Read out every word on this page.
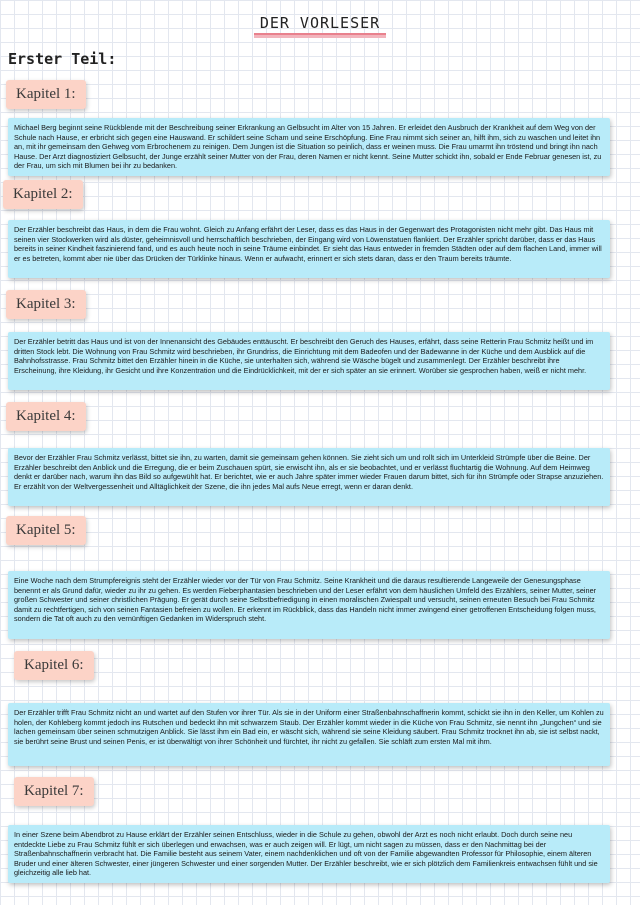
DER VORLESER
Erster Teil:
Kapitel 1:
Michael Berg beginnt seine Rückblende mit der Beschreibung seiner Erkrankung an Gelbsucht im Alter von 15 Jahren. Er erleidet den Ausbruch der Krankheit auf dem Weg von der Schule nach Hause, er erbricht sich gegen eine Hauswand. Er schildert seine Scham und seine Erschöpfung. Eine Frau nimmt sich seiner an, hilft ihm, sich zu waschen und leitet ihn an, mit ihr gemeinsam den Gehweg vom Erbrochenem zu reinigen. Dem Jungen ist die Situation so peinlich, dass er weinen muss. Die Frau umarmt ihn tröstend und bringt ihn nach Hause. Der Arzt diagnostiziert Gelbsucht, der Junge erzählt seiner Mutter von der Frau, deren Namen er nicht kennt. Seine Mutter schickt ihn, sobald er Ende Februar genesen ist, zu der Frau, um sich mit Blumen bei ihr zu bedanken.
Kapitel 2:
Der Erzähler beschreibt das Haus, in dem die Frau wohnt. Gleich zu Anfang erfährt der Leser, dass es das Haus in der Gegenwart des Protagonisten nicht mehr gibt. Das Haus mit seinen vier Stockwerken wird als düster, geheimnisvoll und herrschaftlich beschrieben, der Eingang wird von Löwenstatuen flankiert. Der Erzähler spricht darüber, dass er das Haus bereits in seiner Kindheit faszinierend fand, und es auch heute noch in seine Träume einbindet. Er sieht das Haus entweder in fremden Städten oder auf dem flachen Land, immer will er es betreten, kommt aber nie über das Drücken der Türklinke hinaus. Wenn er aufwacht, erinnert er sich stets daran, dass er den Traum bereits träumte.
Kapitel 3:
Der Erzähler betritt das Haus und ist von der Innenansicht des Gebäudes enttäuscht. Er beschreibt den Geruch des Hauses, erfährt, dass seine Retterin Frau Schmitz heißt und im dritten Stock lebt. Die Wohnung von Frau Schmitz wird beschrieben, ihr Grundriss, die Einrichtung mit dem Badeofen und der Badewanne in der Küche und dem Ausblick auf die Bahnhofsstrasse. Frau Schmitz bittet den Erzähler hinein in die Küche, sie unterhalten sich, während sie Wäsche bügelt und zusammenlegt. Der Erzähler beschreibt ihre Erscheinung, ihre Kleidung, ihr Gesicht und ihre Konzentration und die Eindrücklichkeit, mit der er sich später an sie erinnert. Worüber sie gesprochen haben, weiß er nicht mehr.
Kapitel 4:
Bevor der Erzähler Frau Schmitz verlässt, bittet sie ihn, zu warten, damit sie gemeinsam gehen können. Sie zieht sich um und rollt sich im Unterkleid Strümpfe über die Beine. Der Erzähler beschreibt den Anblick und die Erregung, die er beim Zuschauen spürt, sie erwischt ihn, als er sie beobachtet, und er verlässt fluchtartig die Wohnung. Auf dem Heimweg denkt er darüber nach, warum ihn das Bild so aufgewühlt hat. Er berichtet, wie er auch Jahre später immer wieder Frauen darum bittet, sich für ihn Strümpfe oder Strapse anzuziehen. Er erzählt von der Weltvergessenheit und Alltäglichkeit der Szene, die ihn jedes Mal aufs Neue erregt, wenn er daran denkt.
Kapitel 5:
Eine Woche nach dem Strumpfereignis steht der Erzähler wieder vor der Tür von Frau Schmitz. Seine Krankheit und die daraus resultierende Langeweile der Genesungsphase benennt er als Grund dafür, wieder zu ihr zu gehen. Es werden Fieberphantasien beschrieben und der Leser erfährt von dem häuslichen Umfeld des Erzählers, seiner Mutter, seiner großen Schwester und seiner christlichen Prägung. Er gerät durch seine Selbstbefriedigung in einen moralischen Zwiespalt und versucht, seinen erneuten Besuch bei Frau Schmitz damit zu rechtfertigen, sich von seinen Fantasien befreien zu wollen. Er erkennt im Rückblick, dass das Handeln nicht immer zwingend einer getroffenen Entscheidung folgen muss, sondern die Tat oft auch zu den vernünftigen Gedanken im Widerspruch steht.
Kapitel 6:
Der Erzähler trifft Frau Schmitz nicht an und wartet auf den Stufen vor ihrer Tür. Als sie in der Uniform einer Straßenbahnschaffnerin kommt, schickt sie ihn in den Keller, um Kohlen zu holen, der Kohleberg kommt jedoch ins Rutschen und bedeckt ihn mit schwarzem Staub. Der Erzähler kommt wieder in die Küche von Frau Schmitz, sie nennt ihn „Jungchen“ und sie lachen gemeinsam über seinen schmutzigen Anblick. Sie lässt ihm ein Bad ein, er wäscht sich, während sie seine Kleidung säubert. Frau Schmitz trocknet ihn ab, sie ist selbst nackt, sie berührt seine Brust und seinen Penis, er ist überwältigt von ihrer Schönheit und fürchtet, ihr nicht zu gefallen. Sie schläft zum ersten Mal mit ihm.
Kapitel 7:
In einer Szene beim Abendbrot zu Hause erklärt der Erzähler seinen Entschluss, wieder in die Schule zu gehen, obwohl der Arzt es noch nicht erlaubt. Doch durch seine neu entdeckte Liebe zu Frau Schmitz fühlt er sich überlegen und erwachsen, was er auch zeigen will. Er lügt, um nicht sagen zu müssen, dass er den Nachmittag bei der Straßenbahnschaffnerin verbracht hat. Die Familie besteht aus seinem Vater, einem nachdenklichen und oft von der Familie abgewandten Professor für Philosophie, einem älteren Bruder und einer älteren Schwester, einer jüngeren Schwester und einer sorgenden Mutter. Der Erzähler beschreibt, wie er sich plötzlich dem Familienkreis entwachsen fühlt und sie gleichzeitig alle lieb hat.
